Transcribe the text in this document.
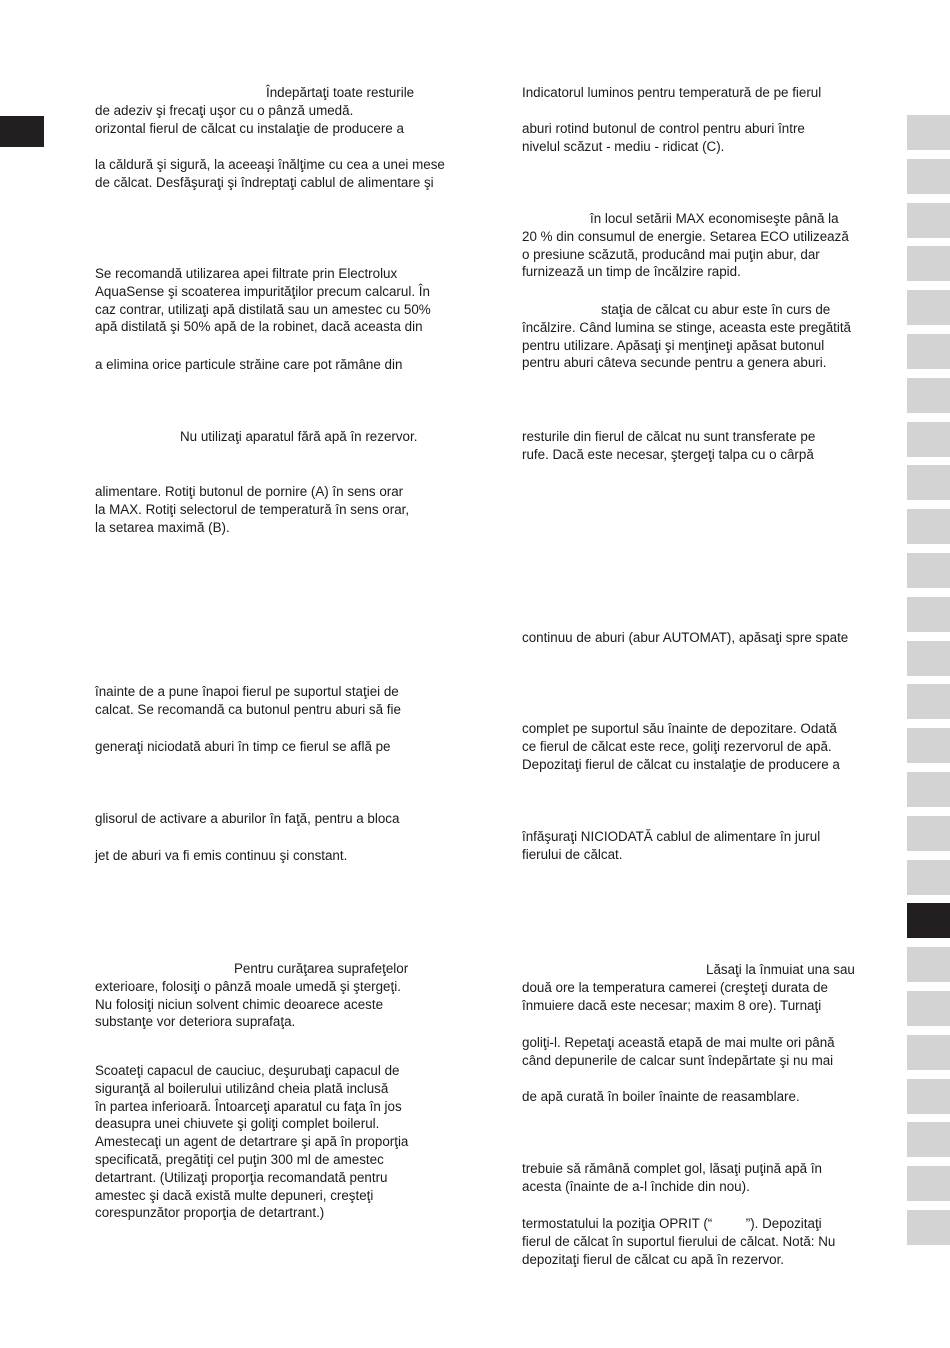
Îndepărtaţi toate resturile
de adeziv şi frecaţi uşor cu o pânză umedă.
orizontal fierul de călcat cu instalaţie de producere a
la căldură şi sigură, la aceeaşi înălţime cu cea a unei mese
de călcat. Desfăşuraţi şi îndreptaţi cablul de alimentare şi
Se recomandă utilizarea apei filtrate prin Electrolux
AquaSense şi scoaterea impurităţilor precum calcarul. În
caz contrar, utilizaţi apă distilată sau un amestec cu 50%
apă distilată şi 50% apă de la robinet, dacă aceasta din
a elimina orice particule străine care pot rămâne din
Nu utilizaţi aparatul fără apă în rezervor.
alimentare. Rotiţi butonul de pornire (A) în sens orar
la MAX. Rotiţi selectorul de temperatură în sens orar,
la setarea maximă (B).
înainte de a pune înapoi fierul pe suportul staţiei de
calcat. Se recomandă ca butonul pentru aburi să fie
generaţi niciodată aburi în timp ce fierul se află pe
glisorul de activare a aburilor în faţă, pentru a bloca
jet de aburi va fi emis continuu şi constant.
Pentru curăţarea suprafeţelor
exterioare, folosiţi o pânză moale umedă şi ştergeţi.
Nu folosiţi niciun solvent chimic deoarece aceste
substanţe vor deteriora suprafaţa.
Scoateţi capacul de cauciuc, deşurubaţi capacul de
siguranţă al boilerului utilizând cheia plată inclusă
în partea inferioară. Întoarceţi aparatul cu faţa în jos
deasupra unei chiuvete şi goliţi complet boilerul.
Amestecaţi un agent de detartrare şi apă în proporţia
specificată, pregătiţi cel puţin 300 ml de amestec
detartrant. (Utilizaţi proporţia recomandată pentru
amestec şi dacă există multe depuneri, creşteţi
corespunzător proporţia de detartrant.)
Indicatorul luminos pentru temperatură de pe fierul
aburi rotind butonul de control pentru aburi între
nivelul scăzut - mediu - ridicat (C).
în locul setării MAX economiseşte până la
20 % din consumul de energie. Setarea ECO utilizează
o presiune scăzută, producând mai puţin abur, dar
furnizează un timp de încălzire rapid.
staţia de călcat cu abur este în curs de
încălzire. Când lumina se stinge, aceasta este pregătită
pentru utilizare. Apăsaţi şi menţineţi apăsat butonul
pentru aburi câteva secunde pentru a genera aburi.
resturile din fierul de călcat nu sunt transferate pe
rufe. Dacă este necesar, ştergeţi talpa cu o cârpă
continuu de aburi (abur AUTOMAT), apăsaţi spre spate
complet pe suportul său înainte de depozitare. Odată
ce fierul de călcat este rece, goliţi rezervorul de apă.
Depozitaţi fierul de călcat cu instalaţie de producere a
înfăşuraţi NICIODATĂ cablul de alimentare în jurul
fierului de călcat.
Lăsaţi la înmuiat una sau
două ore la temperatura camerei (creşteţi durata de
înmuiere dacă este necesar; maxim 8 ore). Turnaţi
goliţi-l. Repetaţi această etapă de mai multe ori până
când depunerile de calcar sunt îndepărtate şi nu mai
de apă curată în boiler înainte de reasamblare.
trebuie să rămână complet gol, lăsaţi puţină apă în
acesta (înainte de a-l închide din nou).
termostatului la poziţia OPRIT (“         ”). Depozitaţi
fierul de călcat în suportul fierului de călcat. Notă: Nu
depozitaţi fierul de călcat cu apă în rezervor.
